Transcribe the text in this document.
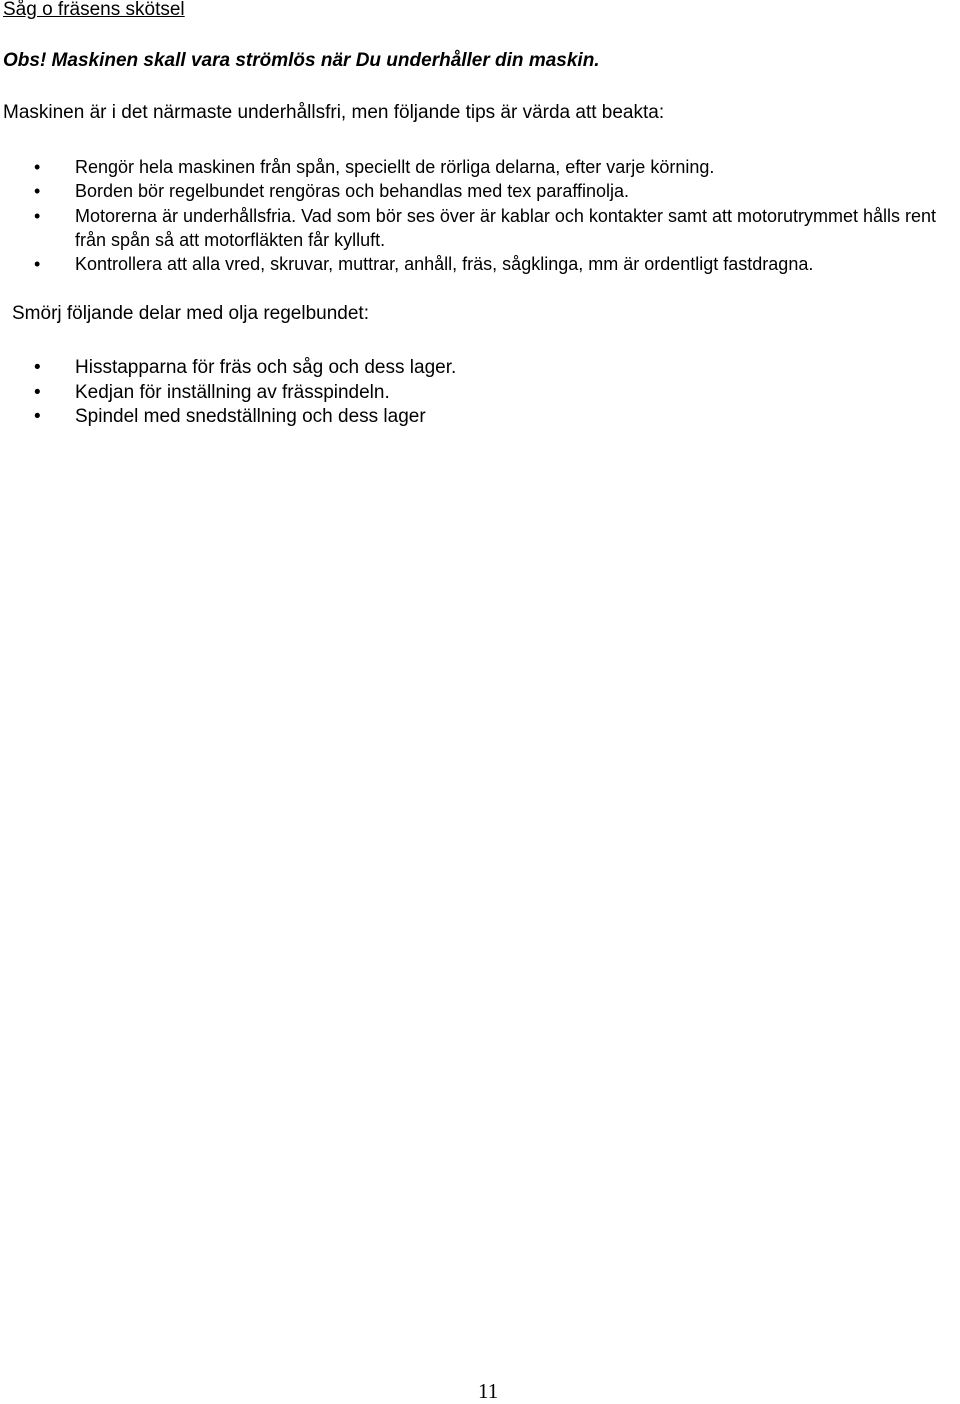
Såg o fräsens skötsel
Obs! Maskinen skall vara strömlös när Du underhåller din maskin.
Maskinen är i det närmaste underhållsfri, men följande tips är värda att beakta:
• Rengör hela maskinen från spån, speciellt de rörliga delarna, efter varje körning.
• Borden bör regelbundet rengöras och behandlas med tex paraffinolja.
• Motorerna är underhållsfria. Vad som bör ses över är kablar och kontakter samt att motorutrymmet hålls rent från spån så att motorfläkten får kylluft.
• Kontrollera att alla vred, skruvar, muttrar, anhåll, fräs, sågklinga, mm är ordentligt fastdragna.
Smörj följande delar med olja regelbundet:
• Hisstapparna för fräs och såg och dess lager.
• Kedjan för inställning av frässpindeln.
• Spindel med snedställning och dess lager
11
